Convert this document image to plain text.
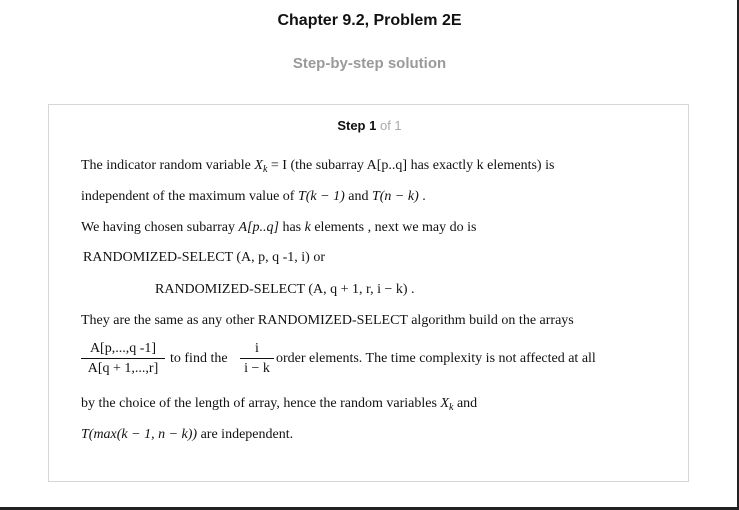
Chapter 9.2, Problem 2E
Step-by-step solution
Step 1 of 1
The indicator random variable $X_k = I$ (the subarray A[p..q] has exactly k elements) is
independent of the maximum value of T(k − 1) and T(n − k) .
We having chosen subarray A[p..q] has k elements , next we may do is
RANDOMIZED-SELECT (A, p, q -1, i) or
RANDOMIZED-SELECT (A, q + 1, r, i − k) .
They are the same as any other RANDOMIZED-SELECT algorithm build on the arrays
$\frac{A[p,...,q -1]}{A[q + 1,...,r]}$ to find the $\frac{i}{i - k}$ order elements. The time complexity is not affected at all
by the choice of the length of array, hence the random variables $X_k$ and
T(max(k − 1, n − k)) are independent.
